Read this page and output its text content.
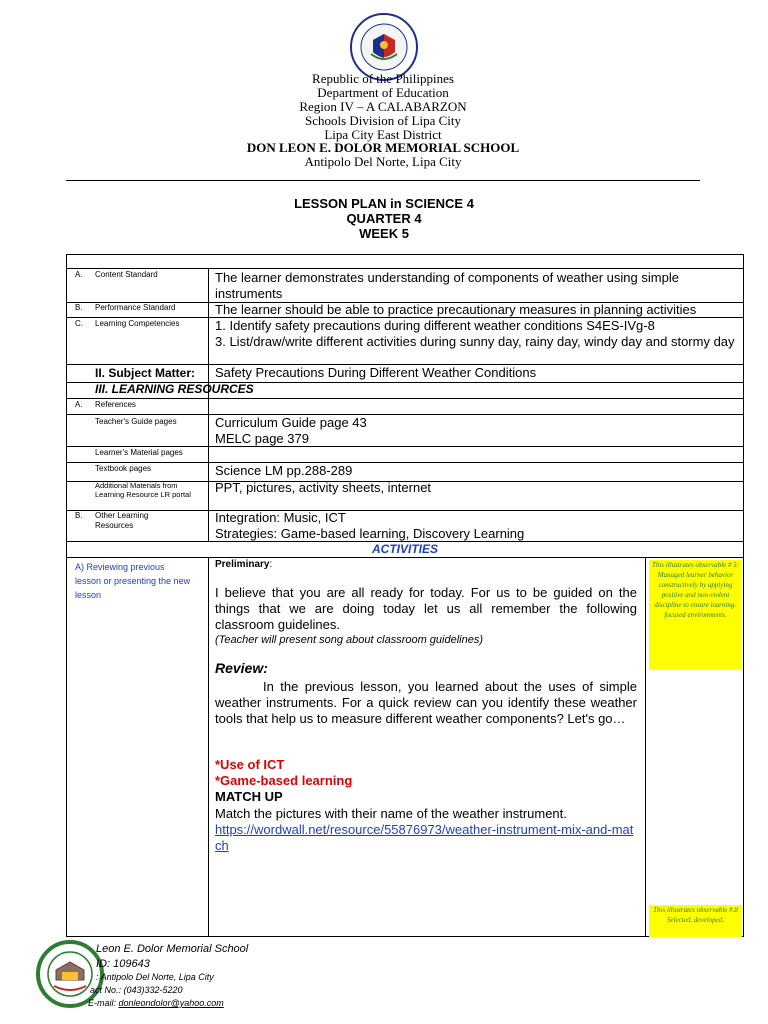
Republic of the Philippines
Department of Education
Region IV – A CALABARZON
Schools Division of Lipa City
Lipa City East District
DON LEON E. DOLOR MEMORIAL SCHOOL
Antipolo Del Norte, Lipa City
LESSON PLAN in SCIENCE 4
QUARTER 4
WEEK 5
A. Content Standard	The learner demonstrates understanding of components of weather using simple instruments
B. Performance Standard	The learner should be able to practice precautionary measures in planning activities
C. Learning Competencies	1. Identify safety precautions during different weather conditions S4ES-IVg-8
3. List/draw/write different activities during sunny day, rainy day, windy day and stormy day
II. Subject Matter: Safety Precautions During Different Weather Conditions
III. LEARNING RESOURCES
A. References
Teacher's Guide pages	Curriculum Guide page 43
MELC page 379
Learner's Material pages
Textbook pages	Science LM pp.288-289
Additional Materials from Learning Resource LR portal	PPT, pictures, activity sheets, internet
B. Other Learning Resources
Integration: Music, ICT
Strategies: Game-based learning, Discovery Learning
ACTIVITIES
A) Reviewing previous lesson or presenting the new lesson
Preliminary:
I believe that you are all ready for today. For us to be guided on the things that we are doing today let us all remember the following classroom guidelines.
(Teacher will present song about classroom guidelines)
Review:
In the previous lesson, you learned about the uses of simple weather instruments. For a quick review can you identify these weather tools that help us to measure different weather components? Let's go…
*Use of ICT
*Game-based learning
MATCH UP
Match the pictures with their name of the weather instrument.
https://wordwall.net/resource/55876973/weather-instrument-mix-and-match
This illustrates observable # 5: Managed learner behavior constructively by applying positive and non-violent discipline to ensure learning- focused environments.
This illustrates observable #.8 Selected, developed,
Leon E. Dolor Memorial School
ID: 109643
: Antipolo Del Norte, Lipa City
act No.: (043)332-5220
E-mail: donleondolor@yahoo.com
